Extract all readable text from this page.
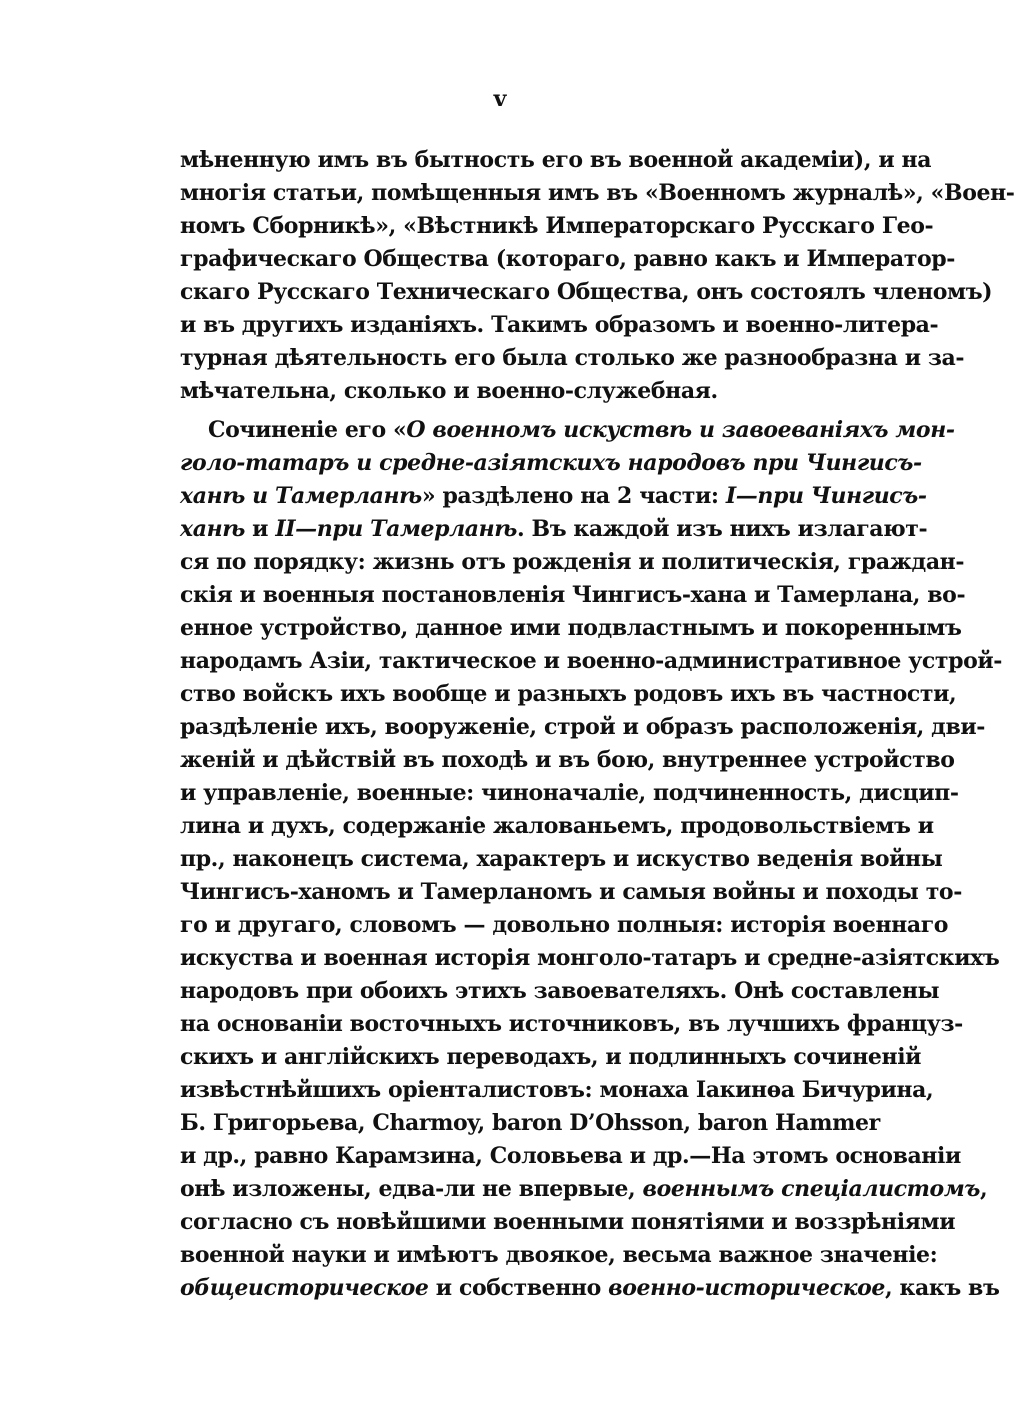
v
мѣненную имъ въ бытность его въ военной академіи), и на
многія статьи, помѣщенныя имъ въ «Военномъ журналѣ», «Воен-
номъ Сборникѣ», «Вѣстникѣ Императорскаго Русскаго Гео-
графическаго Общества (котораго, равно какъ и Император-
скаго Русскаго Техническаго Общества, онъ состоялъ членомъ)
и въ другихъ изданіяхъ. Такимъ образомъ и военно-литера-
турная дѣятельность его была столько же разнообразна и за-
мѣчательна, сколько и военно-служебная.
Сочиненіе его «О военномъ искуствѣ и завоеваніяхъ мон-
голо-татаръ и средне-азіятскихъ народовъ при Чингисъ-
ханѣ и Тамерланѣ» раздѣлено на 2 части: I—при Чингисъ-
ханѣ и II—при Тамерланѣ. Въ каждой изъ нихъ излагают-
ся по порядку: жизнь отъ рожденія и политическія, граждан-
скія и военныя постановленія Чингисъ-хана и Тамерлана, во-
енное устройство, данное ими подвластнымъ и покореннымъ
народамъ Азіи, тактическое и военно-административное устрой-
ство войскъ ихъ вообще и разныхъ родовъ ихъ въ частности,
раздѣленіе ихъ, вооруженіе, строй и образъ расположенія, дви-
женій и дѣйствій въ походѣ и въ бою, внутреннее устройство
и управленіе, военные: чиноначаліе, подчиненность, дисцип-
лина и духъ, содержаніе жалованьемъ, продовольствіемъ и
пр., наконецъ система, характеръ и искуство веденія войны
Чингисъ-ханомъ и Тамерланомъ и самыя войны и походы то-
го и другаго, словомъ — довольно полныя: исторія военнаго
искуства и военная исторія монголо-татаръ и средне-азіятскихъ
народовъ при обоихъ этихъ завоевателяхъ. Онѣ составлены
на основаніи восточныхъ источниковъ, въ лучшихъ француз-
скихъ и англійскихъ переводахъ, и подлинныхъ сочиненій
извѣстнѣйшихъ оріенталистовъ: монаха Іакинѳа Бичурина,
Б. Григорьева, Charmoy, baron D’Ohsson, baron Hammer
и др., равно Карамзина, Соловьева и др.—На этомъ основаніи
онѣ изложены, едва-ли не впервые, военнымъ спеціалистомъ,
согласно съ новѣйшими военными понятіями и воззрѣніями
военной науки и имѣютъ двоякое, весьма важное значеніе:
общеисторическое и собственно военно-историческое, какъ въ
